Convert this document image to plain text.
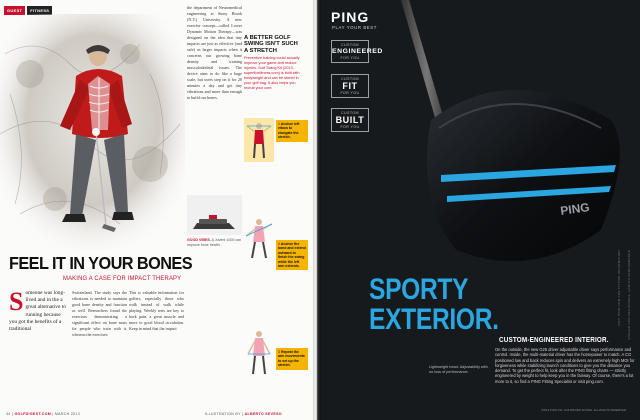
GUEST	FITNESS	the department of Neuromedical engineering at Stony Brook (N.Y.) University. A new exercise concept—called Lower Dynamic Motion Therapy—was designed on the idea that tiny impacts are just as effective (and safe) as larger impacts when it concerns our growing bone density and training musculoskeletal issues. The device aims to do like a huge scale, but users step on it for 20 minutes a day and get tiny vibrations and more than enough to build our bones.
GOOD VIBES. A Juvent 1000 can improve bone health.
A BETTER GOLF SWING ISN'T SUCH A STRETCH
Preventive training could actually improve your game and reduce injuries. Golf Swing Kit (2013, superfloxfitness.com) is built with bodyweight and can be stored in your golf bag. It also helps you recruit your core.
1 Anchor left elbow to elongate the stretch.
2 Anchor the band and extend outward to finish the swing while the left arm extends.
3 Repeat the arm movements to set up the stretch.
FEEL IT IN YOUR BONES
MAKING A CASE FOR IMPACT THERAPY
Someone was long-lived and in the a great alternative to running because you got the benefits of a traditional
Switzerland. The study says the vibrations is needed to maintain good bone density and function as well. Researchers found the exercises demonstrating a significant effect on bone mass for people who train with it, whereas the exercises
This is valuable information for golfers, especially those who walk instead of walk while playing. Weekly tests are key to back pain, a great muscle and more to good blood circulation. Keep in mind that the impact
34 | GOLFDIGEST.COM | MARCH 2013	ILLUSTRATION BY | ALBERTO SEVESO
PING
PLAY YOUR BEST
CUSTOM
ENGINEERED
FOR YOU
CUSTOM
FIT
FOR YOU
CUSTOM
BUILT
FOR YOU
PING
SPORTY
EXTERIOR.
CUSTOM-ENGINEERED INTERIOR.
On the outside, the new G25 driver adjustable driver says performance and control. Inside, the multi-material driver has the horsepower to match. A CG positioned low and back reduces spin and delivers an extremely high MOI for forgiveness while stabilizing launch conditions to give you the distance you demand. To get the perfect fit, look after the PING fitting charts — strictly engineered by weight to help keep you in the fairway. Of course, there's a lot more to it, so find a PING Fitting Specialist or visit ping.com.
Lightweight head. Adjustability with no loss of performance.
©2013 PING INC. G25 DRIVER SHOWN. ALL RIGHTS RESERVED.
VISIT PING.COM FOR FITTING INFORMATION ANGLED FOR ADJUSTABLE, LOW-CG PERFORMANCE
